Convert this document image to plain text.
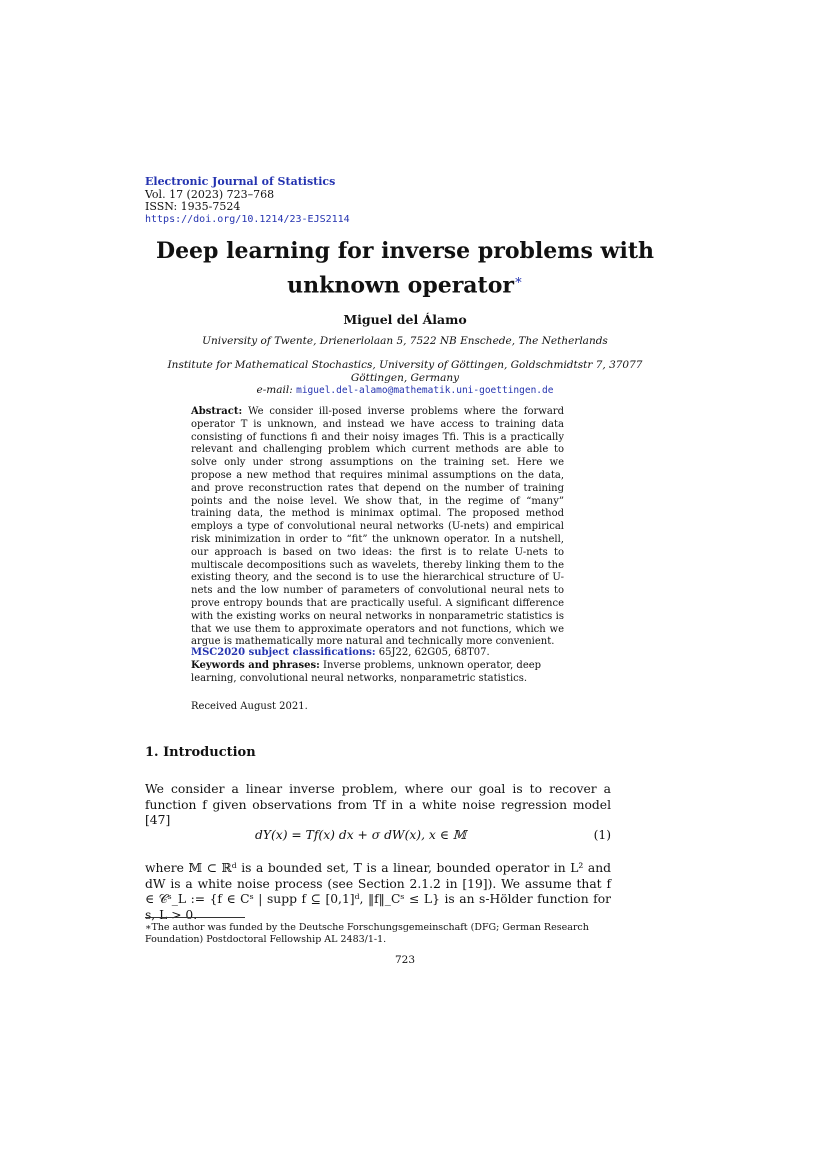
Electronic Journal of Statistics
Vol. 17 (2023) 723–768
ISSN: 1935-7524
https://doi.org/10.1214/23-EJS2114
Deep learning for inverse problems with
unknown operator∗
Miguel del Álamo
University of Twente, Drienerlolaan 5, 7522 NB Enschede, The Netherlands
Institute for Mathematical Stochastics, University of Göttingen, Goldschmidtstr 7, 37077
Göttingen, Germany
e-mail: miguel.del-alamo@mathematik.uni-goettingen.de
Abstract: We consider ill-posed inverse problems where the forward operator T is unknown, and instead we have access to training data consisting of functions fi and their noisy images Tfi. This is a practically relevant and challenging problem which current methods are able to solve only under strong assumptions on the training set. Here we propose a new method that requires minimal assumptions on the data, and prove reconstruction rates that depend on the number of training points and the noise level. We show that, in the regime of “many” training data, the method is minimax optimal. The proposed method employs a type of convolutional neural networks (U-nets) and empirical risk minimization in order to “fit” the unknown operator. In a nutshell, our approach is based on two ideas: the first is to relate U-nets to multiscale decompositions such as wavelets, thereby linking them to the existing theory, and the second is to use the hierarchical structure of U-nets and the low number of parameters of convolutional neural nets to prove entropy bounds that are practically useful. A significant difference with the existing works on neural networks in nonparametric statistics is that we use them to approximate operators and not functions, which we argue is mathematically more natural and technically more convenient.
MSC2020 subject classifications: 65J22, 62G05, 68T07.
Keywords and phrases: Inverse problems, unknown operator, deep learning, convolutional neural networks, nonparametric statistics.
Received August 2021.
1. Introduction
We consider a linear inverse problem, where our goal is to recover a function f given observations from Tf in a white noise regression model [47]
dY(x) = Tf(x) dx + σ dW(x), x ∈ 𝕄	(1)
where 𝕄 ⊂ ℝᵈ is a bounded set, T is a linear, bounded operator in L² and dW is a white noise process (see Section 2.1.2 in [19]). We assume that f ∈ 𝒞ˢ_L := {f ∈ Cˢ | supp f ⊆ [0,1]ᵈ, ‖f‖_Cˢ ≤ L} is an s-Hölder function for s, L > 0.
∗The author was funded by the Deutsche Forschungsgemeinschaft (DFG; German Research Foundation) Postdoctoral Fellowship AL 2483/1-1.
723
